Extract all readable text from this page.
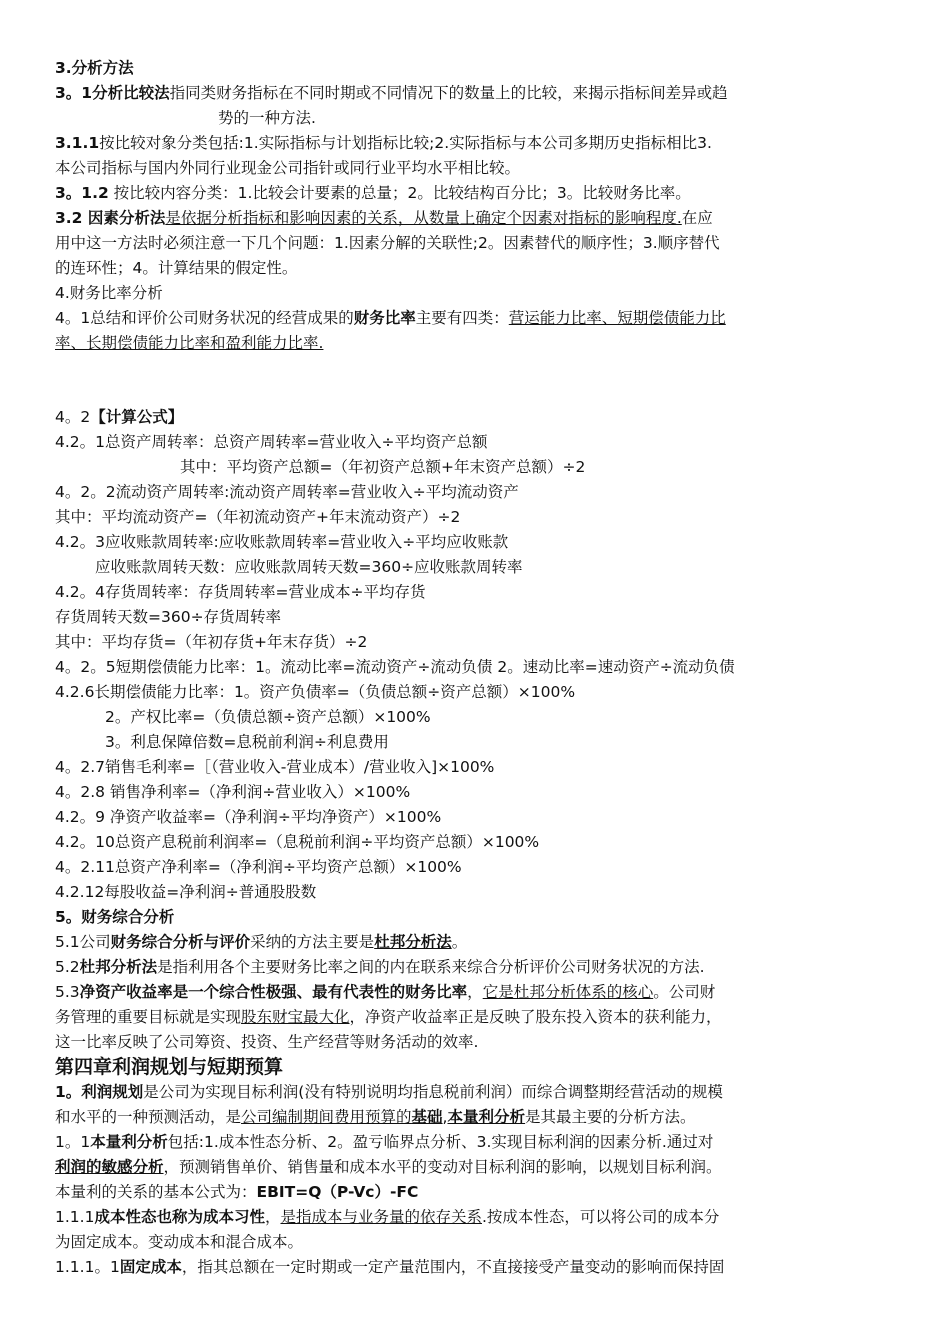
3.分析方法
3。1分析比较法指同类财务指标在不同时期或不同情况下的数量上的比较，来揭示指标间差异或趋
势的一种方法.
3.1.1按比较对象分类包括:1.实际指标与计划指标比较;2.实际指标与本公司多期历史指标相比3.
本公司指标与国内外同行业现金公司指针或同行业平均水平相比较。
3。1.2 按比较内容分类：1.比较会计要素的总量；2。比较结构百分比；3。比较财务比率。
3.2 因素分析法是依据分析指标和影响因素的关系，从数量上确定个因素对指标的影响程度.在应
用中这一方法时必须注意一下几个问题：1.因素分解的关联性;2。因素替代的顺序性；3.顺序替代
的连环性；4。计算结果的假定性。
4.财务比率分析
4。1总结和评价公司财务状况的经营成果的财务比率主要有四类：营运能力比率、短期偿债能力比
率、长期偿债能力比率和盈利能力比率.
4。2【计算公式】
4.2。1总资产周转率：总资产周转率=营业收入÷平均资产总额
其中：平均资产总额=（年初资产总额+年末资产总额）÷2
4。2。2流动资产周转率:流动资产周转率=营业收入÷平均流动资产
其中：平均流动资产=（年初流动资产+年末流动资产）÷2
4.2。3应收账款周转率:应收账款周转率=营业收入÷平均应收账款
应收账款周转天数：应收账款周转天数=360÷应收账款周转率
4.2。4存货周转率：存货周转率=营业成本÷平均存货
存货周转天数=360÷存货周转率
其中：平均存货=（年初存货+年末存货）÷2
4。2。5短期偿债能力比率：1。流动比率=流动资产÷流动负债 2。速动比率=速动资产÷流动负债
4.2.6长期偿债能力比率：1。资产负债率=（负债总额÷资产总额）×100%
2。产权比率=（负债总额÷资产总额）×100%
3。利息保障倍数=息税前利润÷利息费用
4。2.7销售毛利率=［（营业收入-营业成本）/营业收入]×100%
4。2.8 销售净利率=（净利润÷营业收入）×100%
4.2。9 净资产收益率=（净利润÷平均净资产）×100%
4.2。10总资产息税前利润率=（息税前利润÷平均资产总额）×100%
4。2.11总资产净利率=（净利润÷平均资产总额）×100%
4.2.12每股收益=净利润÷普通股股数
5。财务综合分析
5.1公司财务综合分析与评价采纳的方法主要是杜邦分析法。
5.2杜邦分析法是指利用各个主要财务比率之间的内在联系来综合分析评价公司财务状况的方法.
5.3净资产收益率是一个综合性极强、最有代表性的财务比率，它是杜邦分析体系的核心。公司财
务管理的重要目标就是实现股东财宝最大化，净资产收益率正是反映了股东投入资本的获利能力，
这一比率反映了公司筹资、投资、生产经营等财务活动的效率.
第四章利润规划与短期预算
1。利润规划是公司为实现目标利润(没有特别说明均指息税前利润）而综合调整期经营活动的规模
和水平的一种预测活动，是公司编制期间费用预算的基础,本量利分析是其最主要的分析方法。
1。1本量利分析包括:1.成本性态分析、2。盈亏临界点分析、3.实现目标利润的因素分析.通过对
利润的敏感分析，预测销售单价、销售量和成本水平的变动对目标利润的影响，以规划目标利润。
本量利的关系的基本公式为：EBIT=Q（P-Vc）-FC
1.1.1成本性态也称为成本习性，是指成本与业务量的依存关系.按成本性态，可以将公司的成本分
为固定成本。变动成本和混合成本。
1.1.1。1固定成本，指其总额在一定时期或一定产量范围内，不直接接受产量变动的影响而保持固
